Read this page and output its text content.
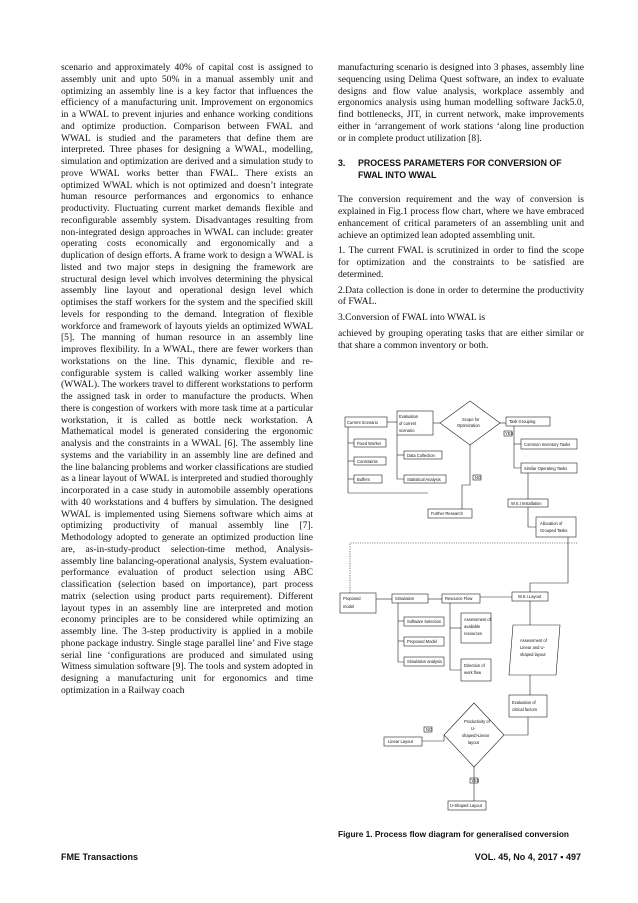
scenario and approximately 40% of capital cost is assigned to assembly unit and upto 50% in a manual assembly unit and optimizing an assembly line is a key factor that influences the efficiency of a manufacturing unit. Improvement on ergonomics in a WWAL to prevent injuries and enhance working conditions and optimize production. Comparison between FWAL and WWAL is studied and the parameters that define them are interpreted. Three phases for designing a WWAL, modelling, simulation and optimization are derived and a simulation study to prove WWAL works better than FWAL. There exists an optimized WWAL which is not optimized and doesn’t integrate human resource performances and ergonomics to enhance productivity. Fluctuating current market demands flexible and reconfigurable assembly system. Disadvantages resulting from non-integrated design approaches in WWAL can include: greater operating costs economically and ergonomically and a duplication of design efforts. A frame work to design a WWAL is listed and two major steps in designing the framework are structural design level which involves determining the physical assembly line layout and operational design level which optimises the staff workers for the system and the specified skill levels for responding to the demand. Integration of flexible workforce and framework of layouts yields an optimized WWAL [5]. The manning of human resource in an assembly line improves flexibility. In a WWAL, there are fewer workers than workstations on the line. This dynamic, flexible and re-configurable system is called walking worker assembly line (WWAL). The workers travel to different workstations to perform the assigned task in order to manufacture the products. When there is congestion of workers with more task time at a particular workstation, it is called as bottle neck workstation. A Mathematical model is generated considering the ergonomic analysis and the constraints in a WWAL [6]. The assembly line systems and the variability in an assembly line are defined and the line balancing problems and worker classifications are studied as a linear layout of WWAL is interpreted and studied thoroughly incorporated in a case study in automobile assembly operations with 40 workstations and 4 buffers by simulation. The designed WWAL is implemented using Siemens software which aims at optimizing productivity of manual assembly line [7]. Methodology adopted to generate an optimized production line are, as-in-study-product selection-time method, Analysis-assembly line balancing-operational analysis, System evaluation-performance evaluation of product selection using ABC classification (selection based on importance), part process matrix (selection using product parts requirement). Different layout types in an assembly line are interpreted and motion economy principles are to be considered while optimizing an assembly line. The 3-step productivity is applied in a mobile phone package industry. Single stage parallel line’ and Five stage serial line ‘configurations are produced and simulated using Witness simulation software [9]. The tools and system adopted in designing a manufacturing unit for ergonomics and time optimization in a Railway coach

manufacturing scenario is designed into 3 phases, assembly line sequencing using Delima Quest software, an index to evaluate designs and flow value analysis, workplace assembly and ergonomics analysis using human modelling software Jack5.0, find bottlenecks, JIT, in current network, make improvements either in ‘arrangement of work stations ‘along line production or in complete product utilization [8].

3.	PROCESS PARAMETERS FOR CONVERSION OF FWAL INTO WWAL

The conversion requirement and the way of conversion is explained in Fig.1 process flow chart, where we have embraced enhancement of critical parameters of an assembling unit and achieve an optimized lean adopted assembling unit.

1. The current FWAL is scrutinized in order to find the scope for optimization and the constraints to be satisfied are determined.

2.Data collection is done in order to determine the productivity of FWAL.

3.Conversion of FWAL into WWAL is

achieved by grouping operating tasks that are either similar or that share a common inventory or both.

Current Scenario
Fixed Worker
Constraints
Buffers
Evaluation
of current
scenario
Data Collection
Statistical Analysis
Further Research
Scope for
Optimization
YES
NO
Task Grouping
Common Inventory Tasks
Similar Operating Tasks
W.S.I Installation
Allocation of
Grouped Tasks
Proposed
model
Simulation	Resource Flow	W.S.I Layout
Software Selection
Proposed Model
Simulation analysis
Assessment of
available
resources
Direction of
work flow
Assessment of
Linear and U-
shaped layout
Evaluation of
critical factors
Productivity of
U-
shaped>Linear
layout
NO
YES
Linear Layout
U-Shaped Layout
Figure 1. Process flow diagram for generalised conversion
FME Transactions	VOL. 45, No 4, 2017 ▪ 497
